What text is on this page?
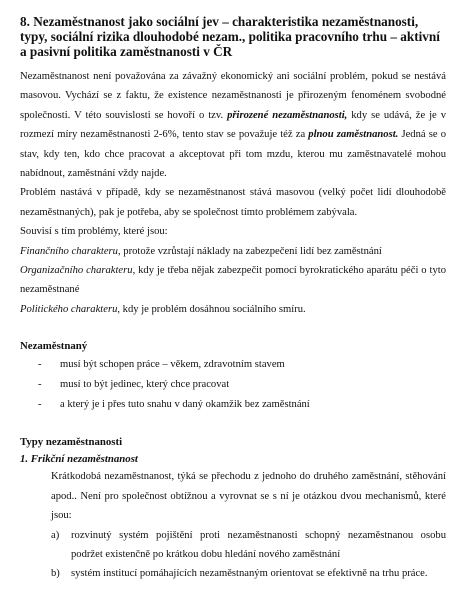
8. Nezaměstnanost jako sociální jev – charakteristika nezaměstnanosti, typy, sociální rizika dlouhodobé nezam., politika pracovního trhu – aktivní a pasivní politika zaměstnanosti v ČR

Nezaměstnanost není považována za závažný ekonomický ani sociální problém, pokud se nestává masovou. Vychází se z faktu, že existence nezaměstnanosti je přirozeným fenoménem svobodné společnosti. V této souvislosti se hovoří o tzv. přirozené nezaměstnanosti, kdy se udává, že je v rozmezí míry nezaměstnanosti 2-6%, tento stav se považuje též za plnou zaměstnanost. Jedná se o stav, kdy ten, kdo chce pracovat a akceptovat při tom mzdu, kterou mu zaměstnavatelé mohou nabídnout, zaměstnání vždy najde.

Problém nastává v případě, kdy se nezaměstnanost stává masovou (velký počet lidí dlouhodobě nezaměstnaných), pak je potřeba, aby se společnost tímto problémem zabývala.

Souvisí s tím problémy, které jsou:

Finančního charakteru, protože vzrůstají náklady na zabezpečení lidí bez zaměstnání

Organizačního charakteru, kdy je třeba nějak zabezpečit pomocí byrokratického aparátu péči o tyto nezaměstnané

Politického charakteru, kdy je problém dosáhnou sociálního smíru.

Nezaměstnaný
- musí být schopen práce – věkem, zdravotním stavem
- musí to být jedinec, který chce pracovat
- a který je i přes tuto snahu v daný okamžik bez zaměstnání
Typy nezaměstnanosti
1. Frikční nezaměstnanost

Krátkodobá nezaměstnanost, týká se přechodu z jednoho do druhého zaměstnání, stěhování apod.. Není pro společnost obtížnou a vyrovnat se s ní je otázkou dvou mechanismů, které jsou:

a) rozvinutý systém pojištění proti nezaměstnanosti schopný nezaměstnanou osobu podržet existenčně po krátkou dobu hledání nového zaměstnání
b) systém institucí pomáhajících nezaměstnaným orientovat se efektivně na trhu práce.
